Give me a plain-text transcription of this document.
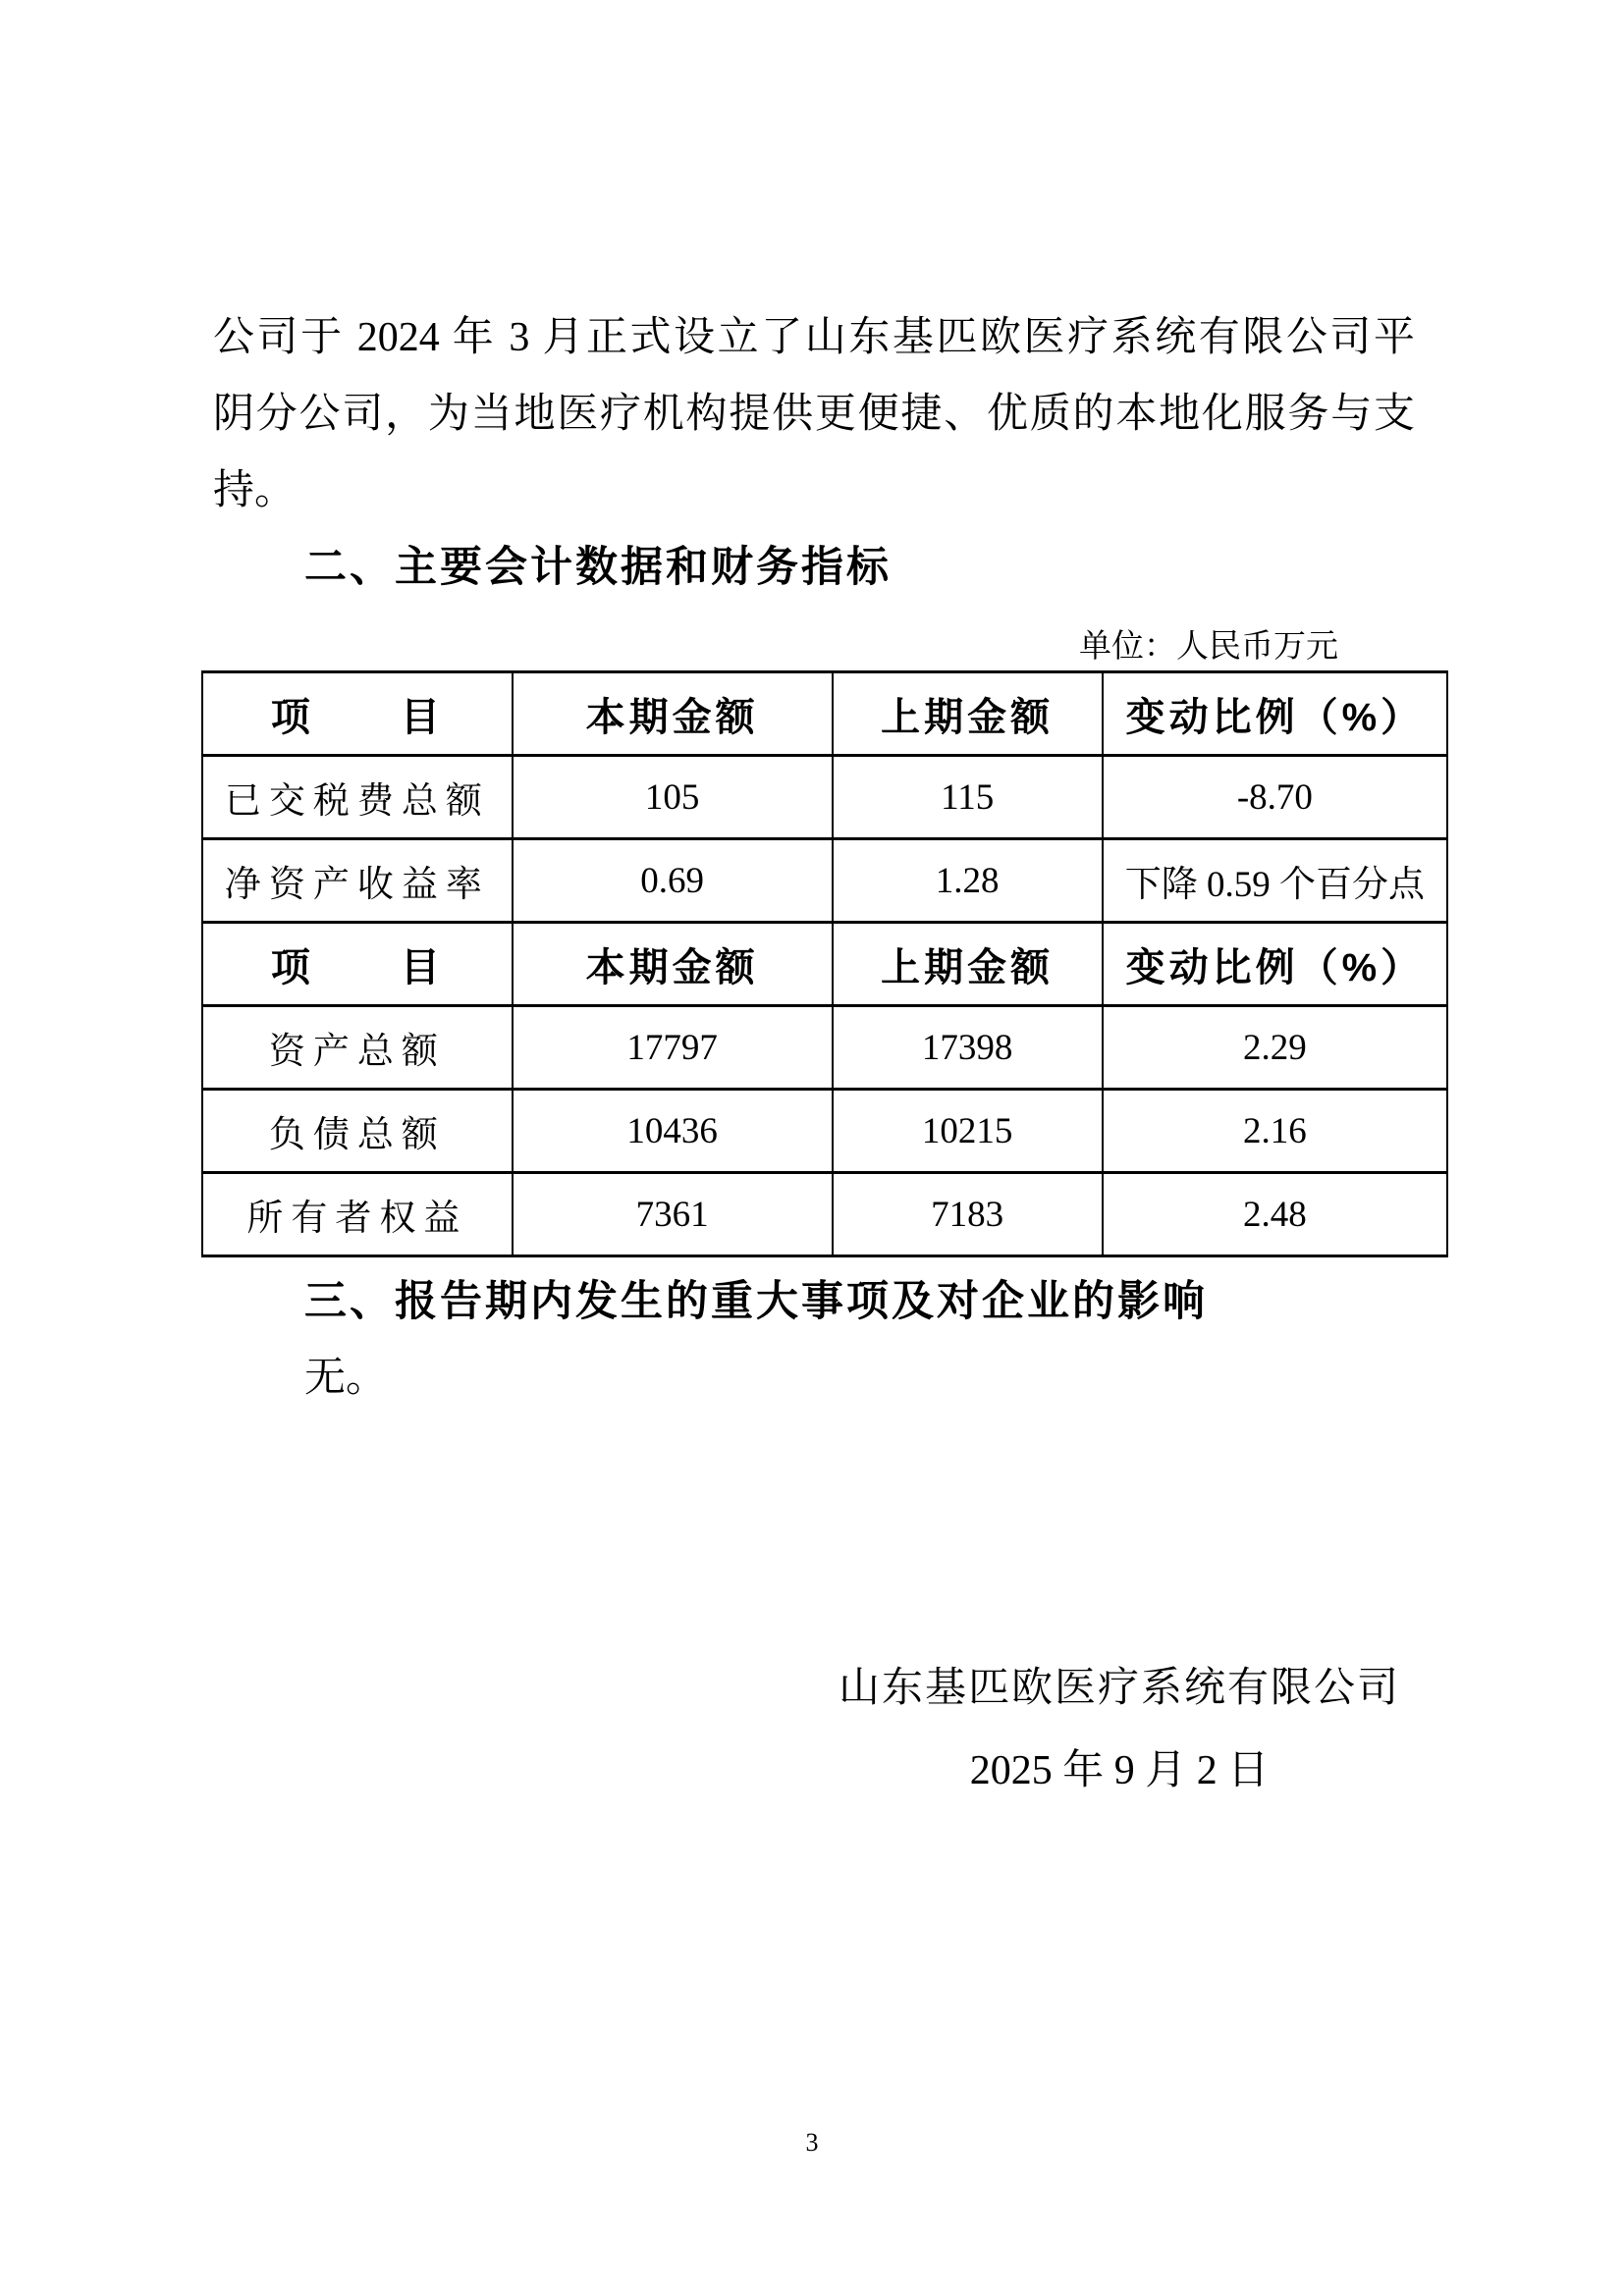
公司于 2024 年 3 月正式设立了山东基匹欧医疗系统有限公司平
阴分公司，为当地医疗机构提供更便捷、优质的本地化服务与支
持。
二、主要会计数据和财务指标
单位：人民币万元
项　　目	本期金额	上期金额	变动比例（%）
已交税费总额	105	115	-8.70
净资产收益率	0.69	1.28	下降 0.59 个百分点
项　　目	本期金额	上期金额	变动比例（%）
资产总额	17797	17398	2.29
负债总额	10436	10215	2.16
所有者权益	7361	7183	2.48
三、报告期内发生的重大事项及对企业的影响
无。
山东基匹欧医疗系统有限公司
2025 年 9 月 2 日
3
